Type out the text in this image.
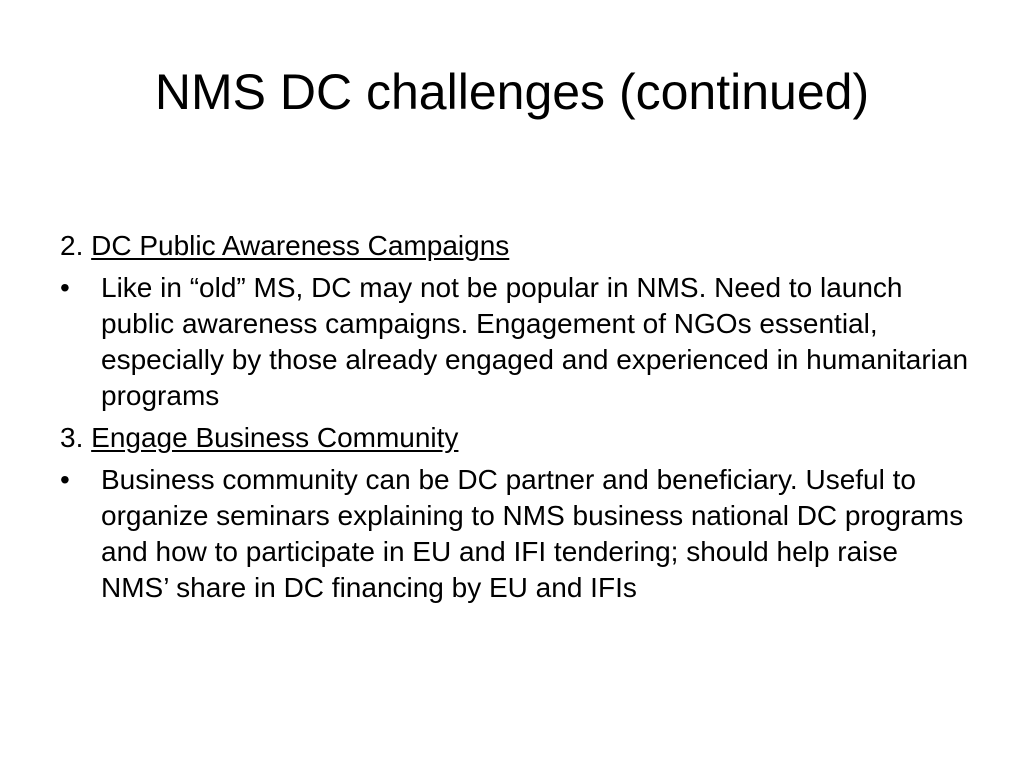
NMS DC challenges (continued)
2. DC Public Awareness Campaigns
•	Like in “old” MS, DC may not be popular in NMS. Need to launch public awareness campaigns. Engagement of NGOs essential, especially by those already engaged and experienced in humanitarian programs
3. Engage Business Community
•	Business community can be DC partner and beneficiary. Useful to organize seminars explaining to NMS business national DC programs and how to participate in EU and IFI tendering; should help raise NMS’ share in DC financing by EU and IFIs
